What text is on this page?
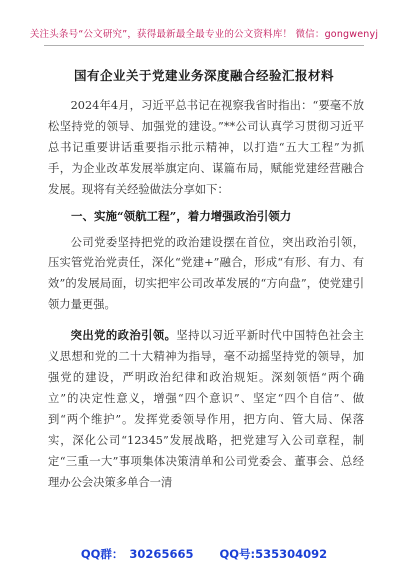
关注头条号“公文研究”，获得最新最全最专业的公文资料库！ 微信：gongwenyj
国有企业关于党建业务深度融合经验汇报材料

2024年4月，习近平总书记在视察我省时指出：“要毫不放松坚持党的领导、加强党的建设。”**公司认真学习贯彻习近平总书记重要讲话重要指示批示精神，以打造“五大工程”为抓手，为企业改革发展举旗定向、谋篇布局，赋能党建经营融合发展。现将有关经验做法分享如下：

一、实施“领航工程”，着力增强政治引领力

公司党委坚持把党的政治建设摆在首位，突出政治引领，压实管党治党责任，深化“党建+”融合，形成“有形、有力、有效”的发展局面，切实把牢公司改革发展的“方向盘”，使党建引领力量更强。

突出党的政治引领。坚持以习近平新时代中国特色社会主义思想和党的二十大精神为指导，毫不动摇坚持党的领导，加强党的建设，严明政治纪律和政治规矩。深刻领悟“两个确立”的决定性意义，增强“四个意识”、坚定“四个自信”、做到“两个维护”。发挥党委领导作用，把方向、管大局、保落实，深化公司“12345”发展战略，把党建写入公司章程，制定“三重一大”事项集体决策清单和公司党委会、董事会、总经理办公会决策多单合一清

QQ群： 30265665 QQ号:535304092
